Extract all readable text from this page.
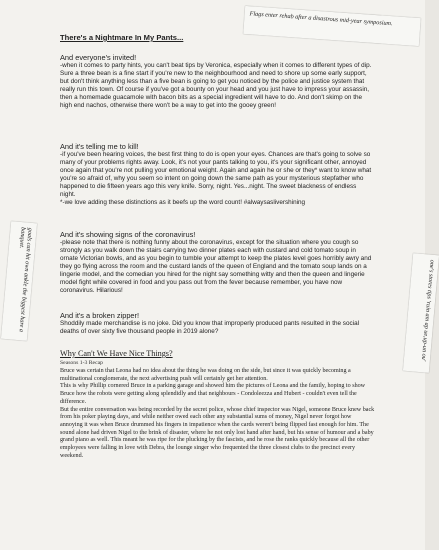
Flags enter rehab after a disastrous mid-year symposium.
goals can hit own ankle the biggest hare a banquet.
one's stores tips 'ruin am ap ue,up-un ou'
There's a Nightmare In My Pants...

And everyone's invited!

-when it comes to party hints, you can't beat tips by Veronica, especially when it comes to different types of dip. Sure a three bean is a fine start if you're new to the neighbourhood and need to shore up some early support, but don't think anything less than a five bean is going to get you noticed by the police and justice system that really run this town. Of course if you've got a bounty on your head and you just have to impress your assassin, then a homemade guacamole with bacon bits as a special ingredient will have to do. And don't skimp on the high end nachos, otherwise there won't be a way to get into the gooey green!

And it's telling me to kill!

-if you've been hearing voices, the best first thing to do is open your eyes. Chances are that's going to solve so many of your problems rights away. Look, it's not your pants talking to you, it's your significant other, annoyed once again that you're not pulling your emotional weight. Again and again he or she or they* want to know what you're so afraid of, why you seem so intent on going down the same path as your mysterious stepfather who happened to die fifteen years ago this very knife. Sorry, night. Yes...night. The sweet blackness of endless night.
*-we love adding these distinctions as it beefs up the word count! #alwaysaslivershining

And it's showing signs of the coronavirus!

-please note that there is nothing funny about the coronavirus, except for the situation where you cough so strongly as you walk down the stairs carrying two dinner plates each with custard and cold tomato soup in ornate Victorian bowls, and as you begin to tumble your attempt to keep the plates level goes horribly awry and they go flying across the room and the custard lands of the queen of England and the tomato soup lands on a lingerie model, and the comedian you hired for the night say something witty and then the queen and lingerie model fight while covered in food and you pass out from the fever because remember, you have now coronavirus. Hilarious!

And it's a broken zipper!

Shoddily made merchandise is no joke. Did you know that improperly produced pants resulted in the social deaths of over sixty five thousand people in 2019 alone?

Why Can't We Have Nice Things?

Seasons 1-3 Recap

Bruce was certain that Leona had no idea about the thing he was doing on the side, but since it was quickly becoming a multinational conglomerate, the next advertising push will certainly get her attention.
This is why Phillip cornered Bruce in a parking garage and showed him the pictures of Leona and the family, hoping to show Bruce how the robots were getting along splendidly and that neighbours - Condoleezza and Hubert - couldn't even tell the difference.
But the entire conversation was being recorded by the secret police, whose chief inspector was Nigel, someone Bruce knew back from his poker playing days, and while neither owed each other any substantial sums of money, Nigel never forgot how annoying it was when Bruce drummed his fingers in impatience when the cards weren't being flipped fast enough for him. The sound alone had driven Nigel to the brink of disaster, where he not only lost hand after hand, but his sense of humour and a baby grand piano as well. This meant he was ripe for the plucking by the fascists, and he rose the ranks quickly because all the other employees were falling in love with Debra, the lounge singer who frequented the three closest clubs to the precinct every weekend.
